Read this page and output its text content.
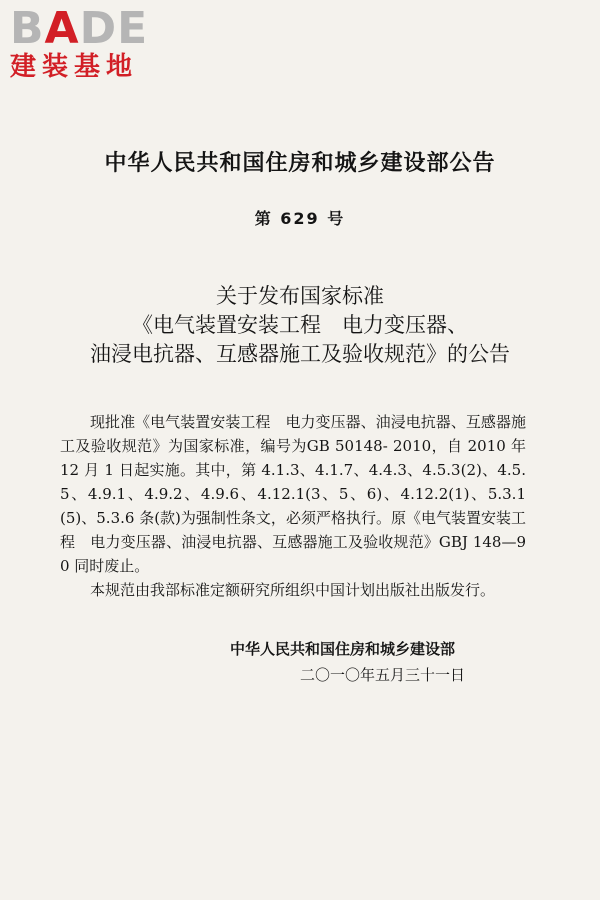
BADE
建装基地
中华人民共和国住房和城乡建设部公告
第 629 号
关于发布国家标准
《电气装置安装工程　电力变压器、
油浸电抗器、互感器施工及验收规范》的公告

现批准《电气装置安装工程　电力变压器、油浸电抗器、互感器施工及验收规范》为国家标准，编号为GB 50148- 2010，自 2010 年 12 月 1 日起实施。其中，第 4.1.3、4.1.7、4.4.3、4.5.3(2)、4.5.5、4.9.1、4.9.2、4.9.6、4.12.1(3、5、6)、4.12.2(1)、5.3.1(5)、5.3.6 条(款)为强制性条文，必须严格执行。原《电气装置安装工程　电力变压器、油浸电抗器、互感器施工及验收规范》GBJ 148—90 同时废止。

本规范由我部标准定额研究所组织中国计划出版社出版发行。

中华人民共和国住房和城乡建设部
二〇一〇年五月三十一日
